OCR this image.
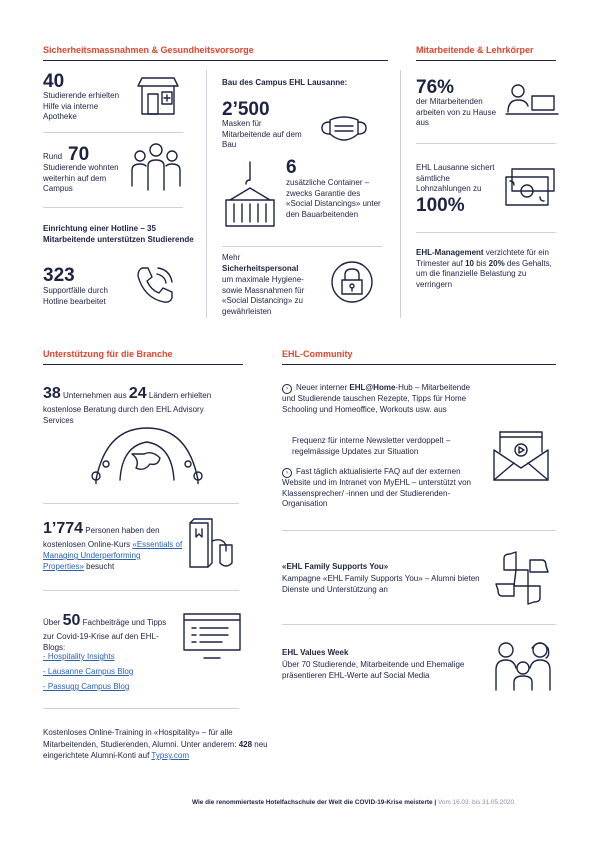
Sicherheitsmassnahmen & Gesundheitsvorsorge	Mitarbeitende & Lehrkörper
40
Studierende erhielten Hilfe via interne Apotheke
Rund 70
Studierende wohnten weiterhin auf dem Campus
Einrichtung einer Hotline – 35 Mitarbeitende unterstützen Studierende
323
Supportfälle durch Hotline bearbeitet
Bau des Campus EHL Lausanne:
2’500
Masken für Mitarbeitende auf dem Bau
6
zusätzliche Container – zwecks Garantie des «Social Distancings» unter den Bauarbeitenden
Mehr
Sicherheitspersonal
um maximale Hygiene- sowie Massnahmen für «Social Distancing» zu gewährleisten
76%
der Mitarbeitenden arbeiten von zu Hause aus
EHL Lausanne sichert sämtliche Lohnzahlungen zu
100%
EHL-Management verzichtete für ein Trimester auf 10 bis 20% des Gehalts, um die finanzielle Belastung zu verringern
Unterstützung für die Branche	EHL-Community
38 Unternehmen aus 24 Ländern erhielten kostenlose Beratung durch den EHL Advisory Services
1’774 Personen haben den kostenlosen Online-Kurs «Essentials of Managing Underperforming Properties» besucht
Über 50 Fachbeiträge und Tipps zur Covid-19-Krise auf den EHL-Blogs:
- Hospitality Insights
- Lausanne Campus Blog
- Passugg Campus Blog
Kostenloses Online-Training in «Hospitality» – für alle Mitarbeitenden, Studierenden, Alumni. Unter anderem: 428 neu eingerichtete Alumni-Konti auf Typsy.com
› Neuer interner EHL@Home-Hub – Mitarbeitende und Studierende tauschen Rezepte, Tipps für Home Schooling und Homeoffice, Workouts usw. aus
Frequenz für interne Newsletter verdoppelt – regelmässige Updates zur Situation
› Fast täglich aktualisierte FAQ auf der externen Website und im Intranet von MyEHL – unterstützt von Klassensprecher/ -innen und der Studierenden-Organisation
«EHL Family Supports You»
Kampagne «EHL Family Supports You» – Alumni bieten Dienste und Unterstützung an
EHL Values Week
Über 70 Studierende, Mitarbeitende und Ehemalige präsentieren EHL-Werte auf Social Media
Wie die renommierteste Hotelfachschule der Welt die COVID-19-Krise meisterte | Vom 16.03. bis 31.05.2020.
